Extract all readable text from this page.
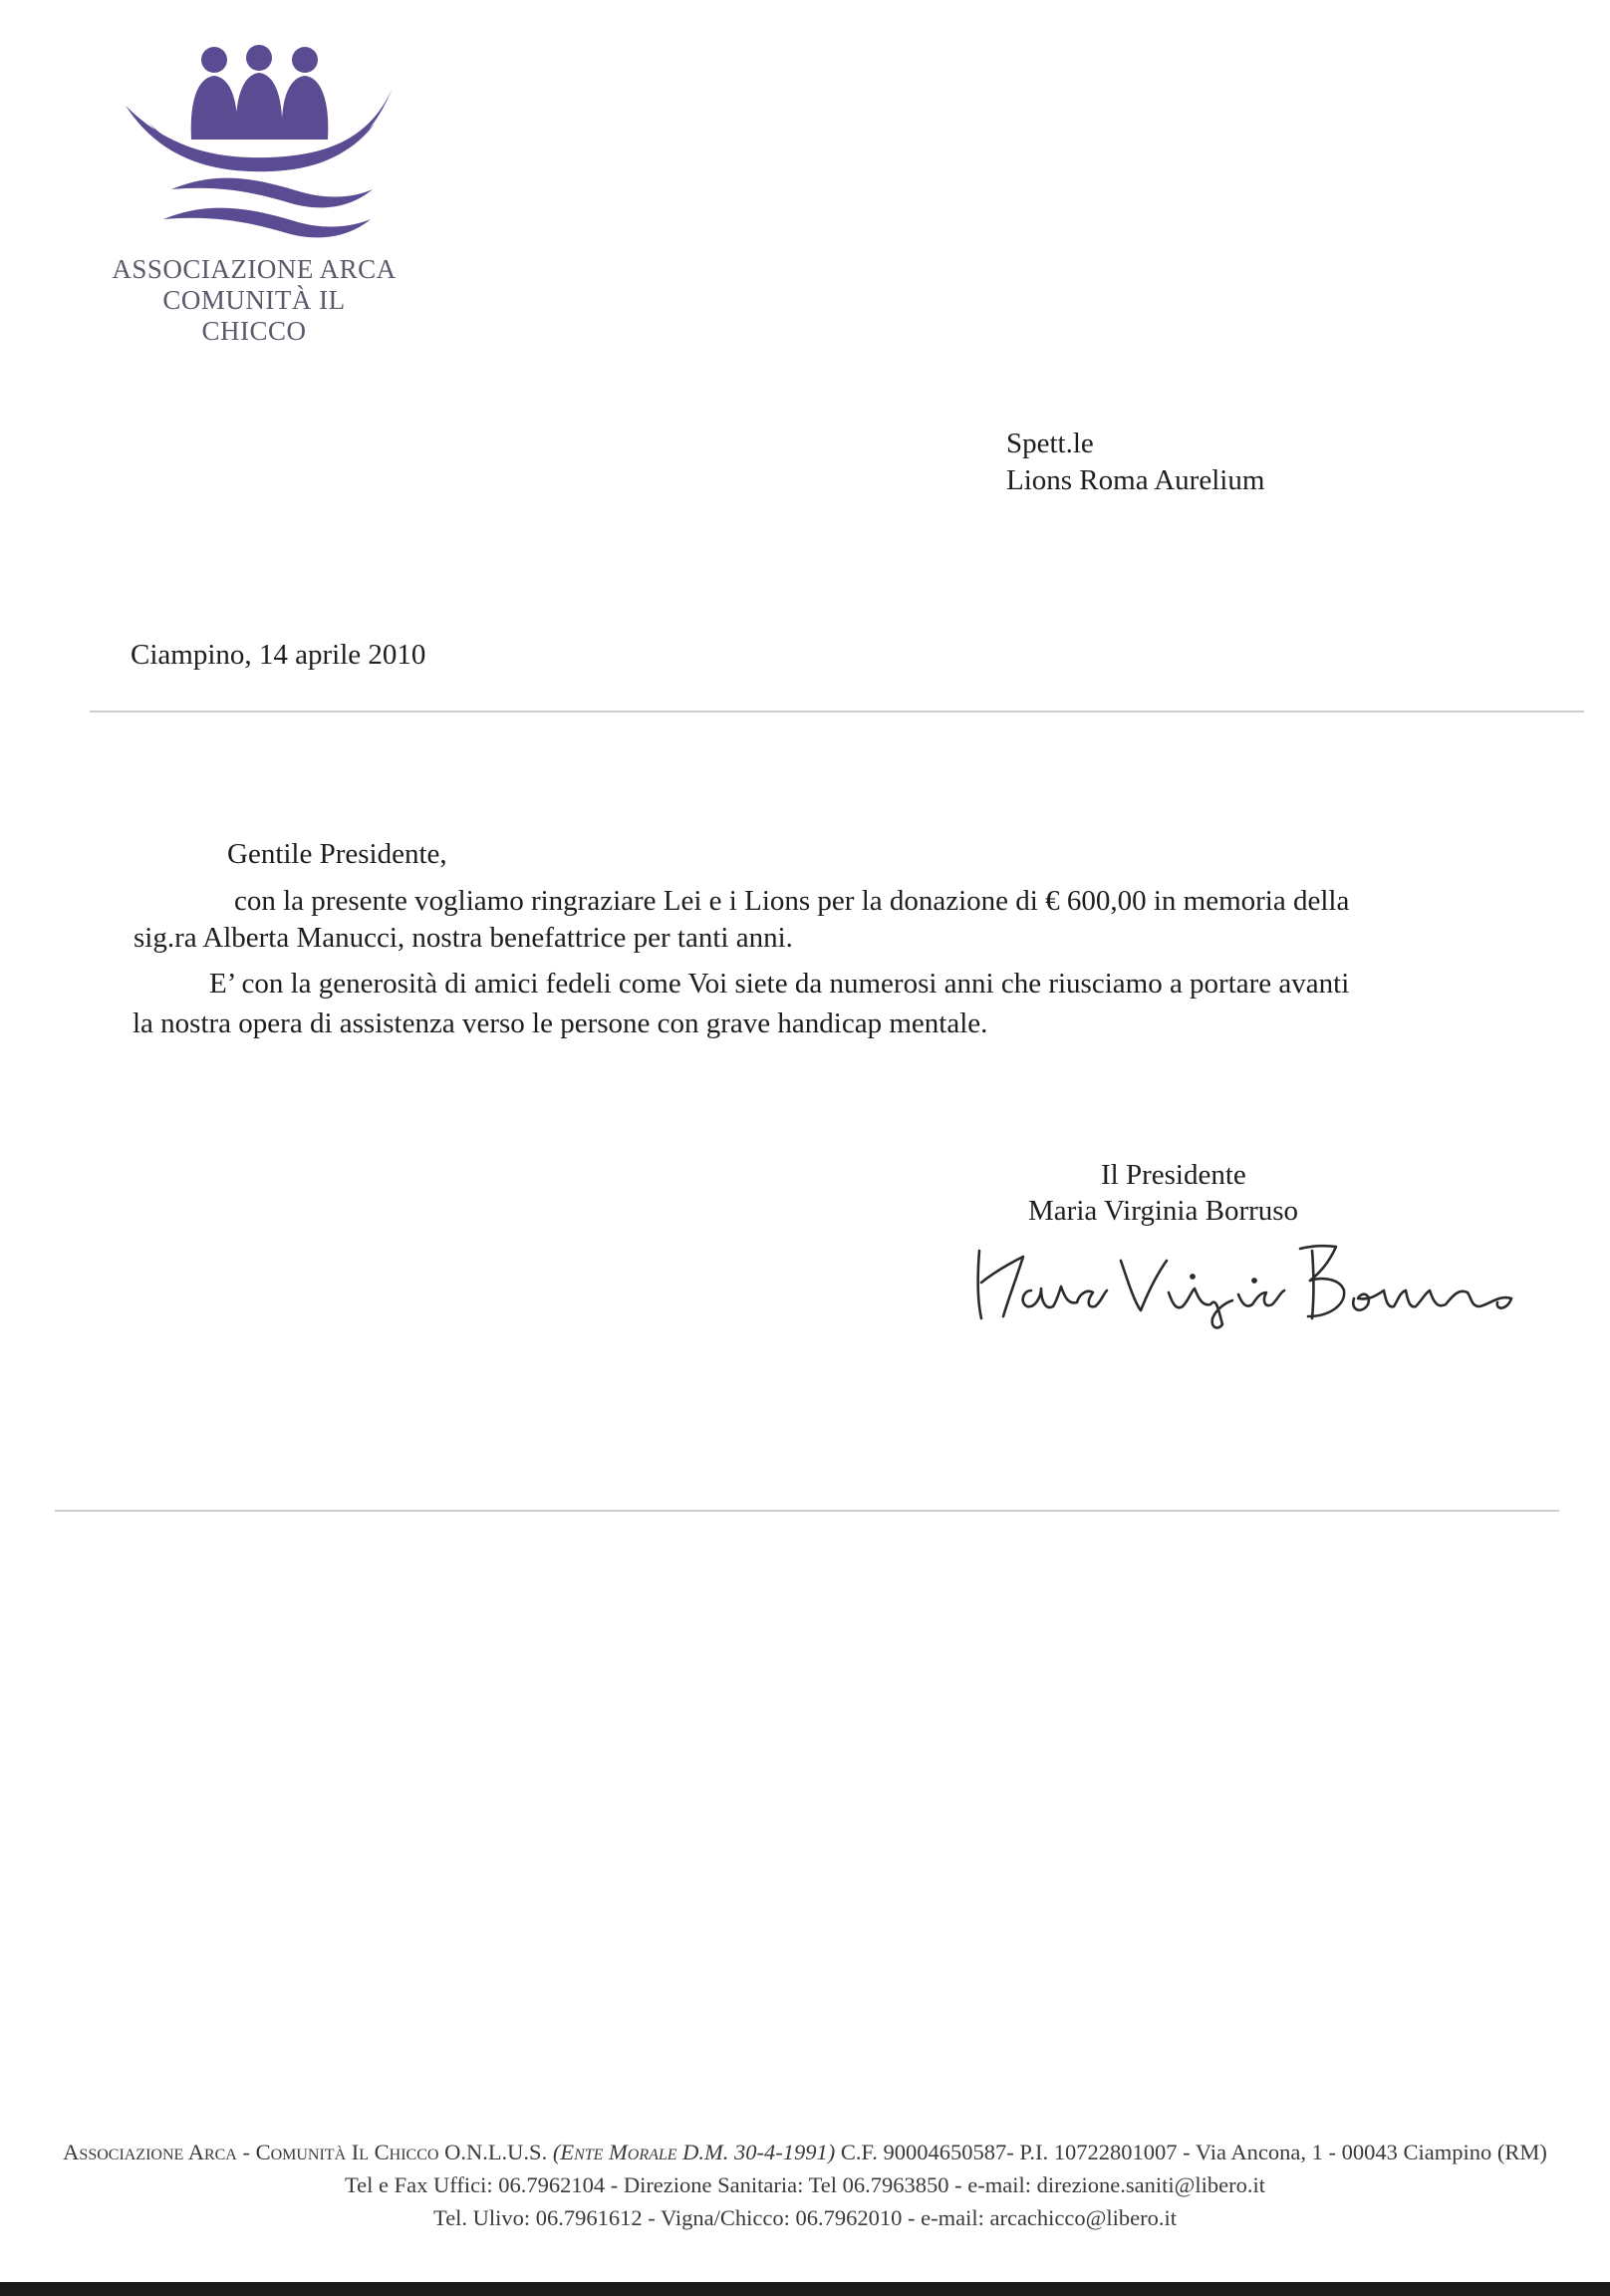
ASSOCIAZIONE ARCA
COMUNITÀ IL CHICCO
Spett.le
Lions Roma Aurelium
Ciampino, 14 aprile 2010
Gentile Presidente,
con la presente vogliamo ringraziare Lei e i Lions per la donazione di € 600,00 in memoria della
sig.ra Alberta Manucci, nostra benefattrice per tanti anni.
E’ con la generosità di amici fedeli come Voi siete da numerosi anni che riusciamo a portare avanti
la nostra opera di assistenza verso le persone con grave handicap mentale.
Il Presidente
Maria Virginia Borruso
Associazione Arca - Comunità Il Chicco O.N.L.U.S. (Ente Morale D.M. 30-4-1991) C.F. 90004650587- P.I. 10722801007 - Via Ancona, 1 - 00043 Ciampino (RM)
Tel e Fax Uffici: 06.7962104 - Direzione Sanitaria: Tel 06.7963850 - e-mail: direzione.saniti@libero.it
Tel. Ulivo: 06.7961612 - Vigna/Chicco: 06.7962010 - e-mail: arcachicco@libero.it
